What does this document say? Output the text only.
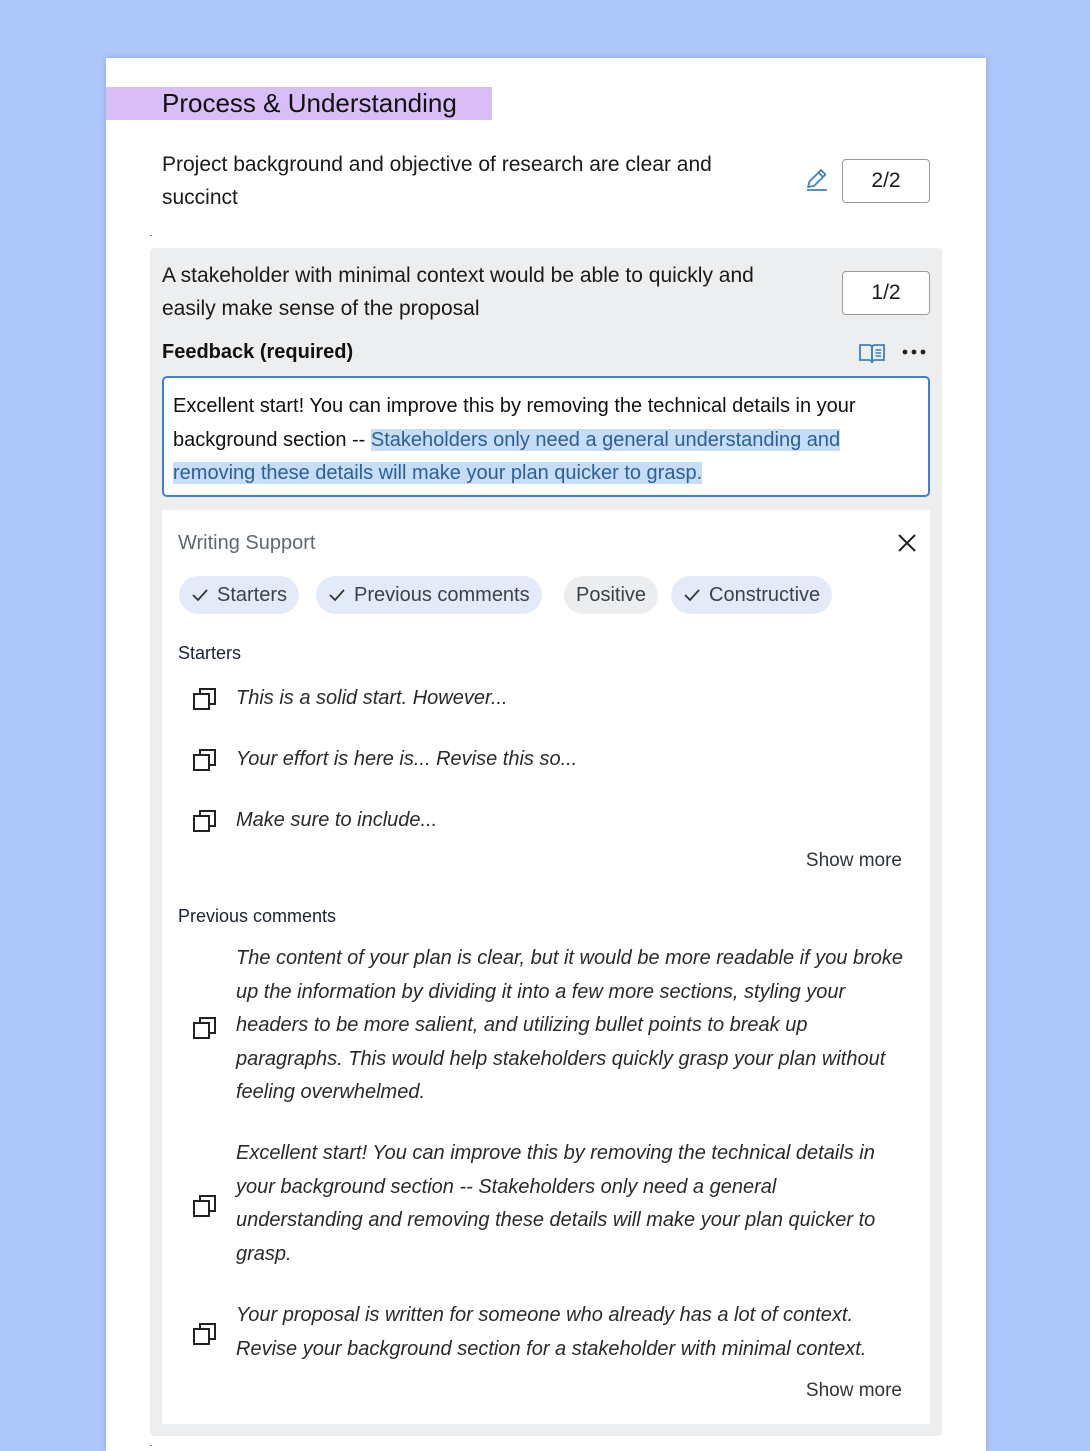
Process & Understanding
Project background and objective of research are clear and succinct
2/2
A stakeholder with minimal context would be able to quickly and easily make sense of the proposal
1/2
Feedback (required)
Excellent start! You can improve this by removing the technical details in your background section -- Stakeholders only need a general understanding and removing these details will make your plan quicker to grasp.
Writing Support
Starters	Previous comments	Positive	Constructive
Starters
This is a solid start. However...
Your effort is here is... Revise this so...
Make sure to include...
Show more
Previous comments
The content of your plan is clear, but it would be more readable if you broke up the information by dividing it into a few more sections, styling your headers to be more salient, and utilizing bullet points to break up paragraphs. This would help stakeholders quickly grasp your plan without feeling overwhelmed.
Excellent start! You can improve this by removing the technical details in your background section -- Stakeholders only need a general understanding and removing these details will make your plan quicker to grasp.
Your proposal is written for someone who already has a lot of context. Revise your background section for a stakeholder with minimal context.
Show more
